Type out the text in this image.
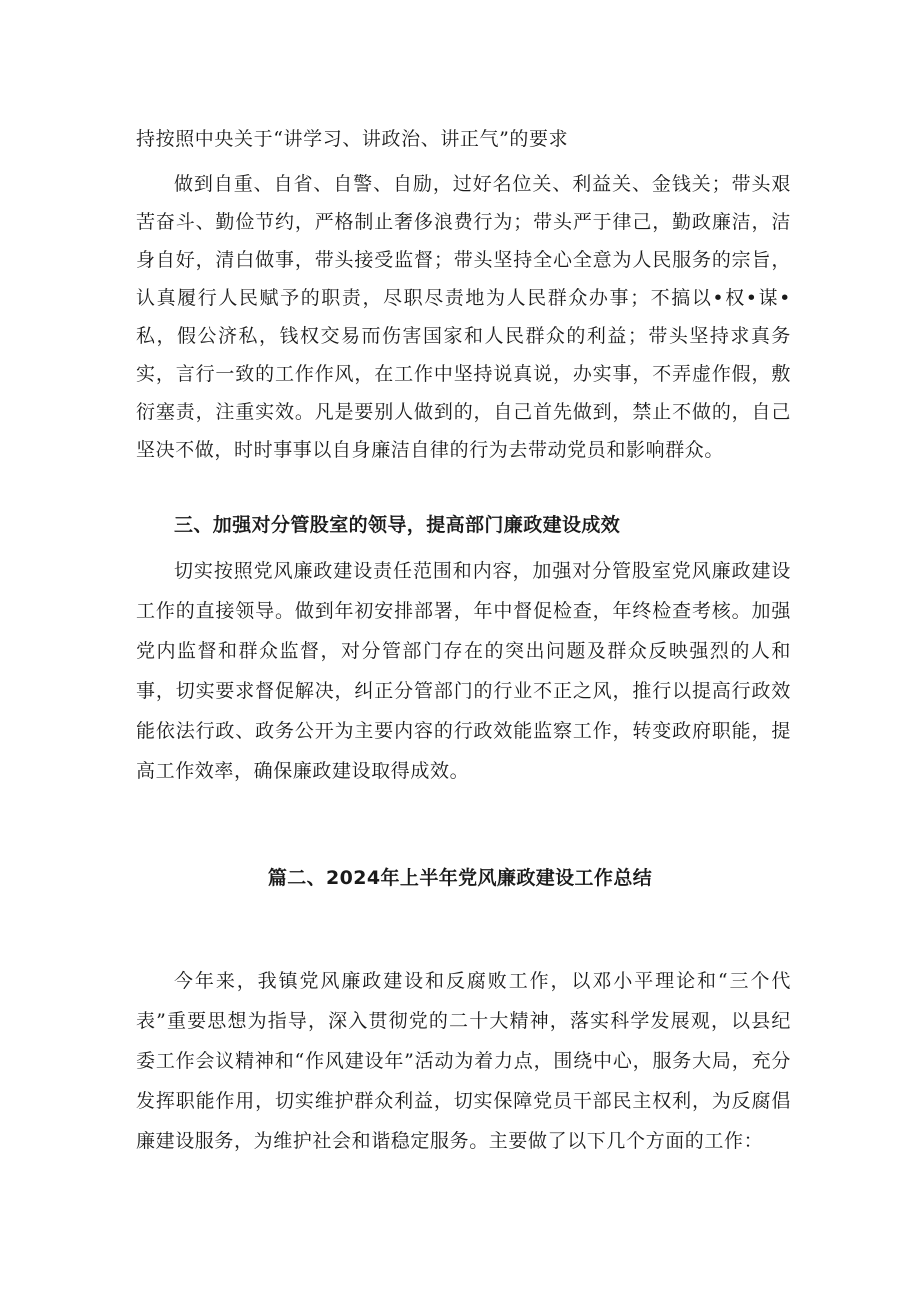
持按照中央关于“讲学习、讲政治、讲正气”的要求

做到自重、自省、自警、自励，过好名位关、利益关、金钱关；带头艰苦奋斗、勤俭节约，严格制止奢侈浪费行为；带头严于律己，勤政廉洁，洁身自好，清白做事，带头接受监督；带头坚持全心全意为人民服务的宗旨，认真履行人民赋予的职责，尽职尽责地为人民群众办事；不搞以•权•谋•私，假公济私，钱权交易而伤害国家和人民群众的利益；带头坚持求真务实，言行一致的工作作风，在工作中坚持说真说，办实事，不弄虚作假，敷衍塞责，注重实效。凡是要别人做到的，自己首先做到，禁止不做的，自己坚决不做，时时事事以自身廉洁自律的行为去带动党员和影响群众。

三、加强对分管股室的领导，提高部门廉政建设成效

切实按照党风廉政建设责任范围和内容，加强对分管股室党风廉政建设工作的直接领导。做到年初安排部署，年中督促检查，年终检查考核。加强党内监督和群众监督，对分管部门存在的突出问题及群众反映强烈的人和事，切实要求督促解决，纠正分管部门的行业不正之风，推行以提高行政效能依法行政、政务公开为主要内容的行政效能监察工作，转变政府职能，提高工作效率，确保廉政建设取得成效。

篇二、2024年上半年党风廉政建设工作总结

今年来，我镇党风廉政建设和反腐败工作，以邓小平理论和“三个代表”重要思想为指导，深入贯彻党的二十大精神，落实科学发展观，以县纪委工作会议精神和“作风建设年”活动为着力点，围绕中心，服务大局，充分发挥职能作用，切实维护群众利益，切实保障党员干部民主权利，为反腐倡廉建设服务，为维护社会和谐稳定服务。主要做了以下几个方面的工作：
